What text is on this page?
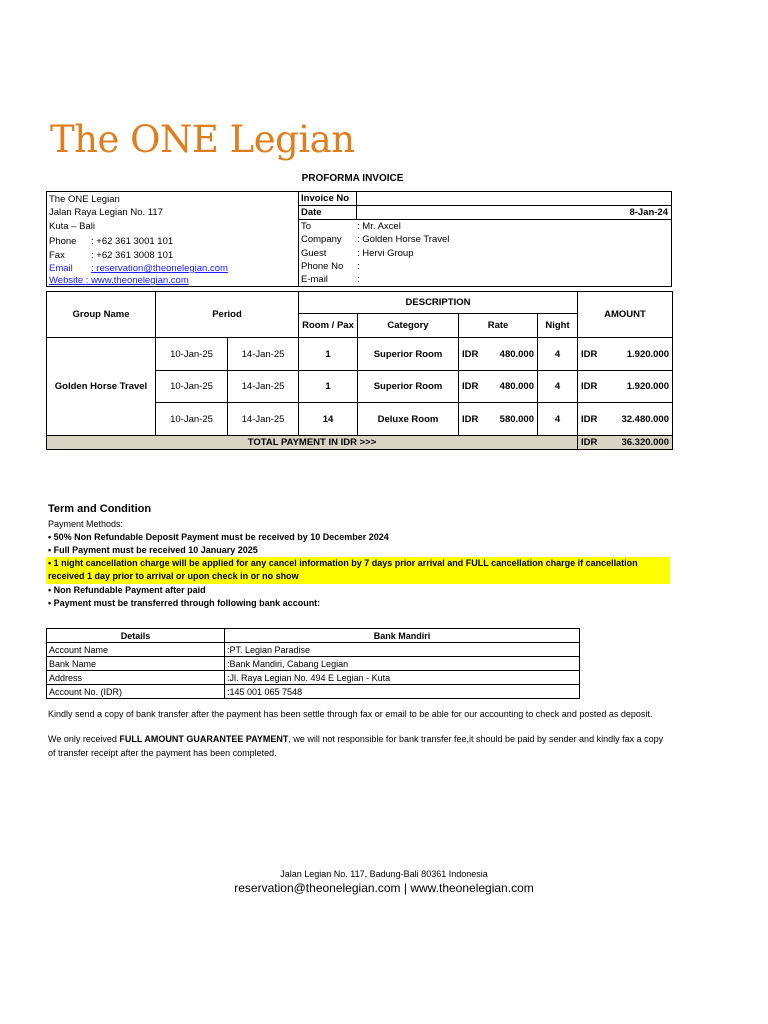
The ONE Legian
PROFORMA INVOICE
The ONE Legian
Jalan Raya Legian No. 117
Kuta – Bali
Phone : +62 361 3001 101
Fax	: +62 361 3008 101
Email : reservation@theonelegian.com
Website : www.theonelegian.com
Invoice No
Date	8-Jan-24
To	: Mr. Axcel
Company : Golden Horse Travel
Guest	: Hervi Group
Phone No :
E-mail	:
Group Name	Period		DESCRIPTION				AMOUNT
			Room / Pax	Category	Rate	Night	
Golden Horse Travel	10-Jan-25	14-Jan-25	1	Superior Room	IDR 480.000	4	IDR 1.920.000

	10-Jan-25	14-Jan-25	1	Superior Room	IDR 480.000	4	IDR 1.920.000

	10-Jan-25	14-Jan-25	14	Deluxe Room	IDR 580.000	4	IDR 32.480.000

TOTAL PAYMENT IN IDR >>>							IDR 36.320.000
Term and Condition
Payment Methods:
• 50% Non Refundable Deposit Payment must be received by 10 December 2024
• Full Payment must be received 10 January 2025
• 1 night cancellation charge will be applied for any cancel information by 7 days prior arrival and FULL cancellation charge if cancellation
received 1 day prior to arrival or upon check in or no show
• Non Refundable Payment after paid
• Payment must be transferred through following bank account:
Details	Bank Mandiri
Account Name	:PT. Legian Paradise
Bank Name	:Bank Mandiri, Cabang Legian
Address	:Jl. Raya Legian No. 494 E Legian - Kuta
Account No. (IDR)	:145 001 065 7548
Kindly send a copy of bank transfer after the payment has been settle through fax or email to be able for our accounting to check and posted as deposit.
We only received FULL AMOUNT GUARANTEE PAYMENT, we will not responsible for bank transfer fee,it should be paid by sender and kindly fax a copy of transfer receipt after the payment has been completed.
Jalan Legian No. 117, Badung-Bali 80361 Indonesia
reservation@theonelegian.com | www.theonelegian.com
